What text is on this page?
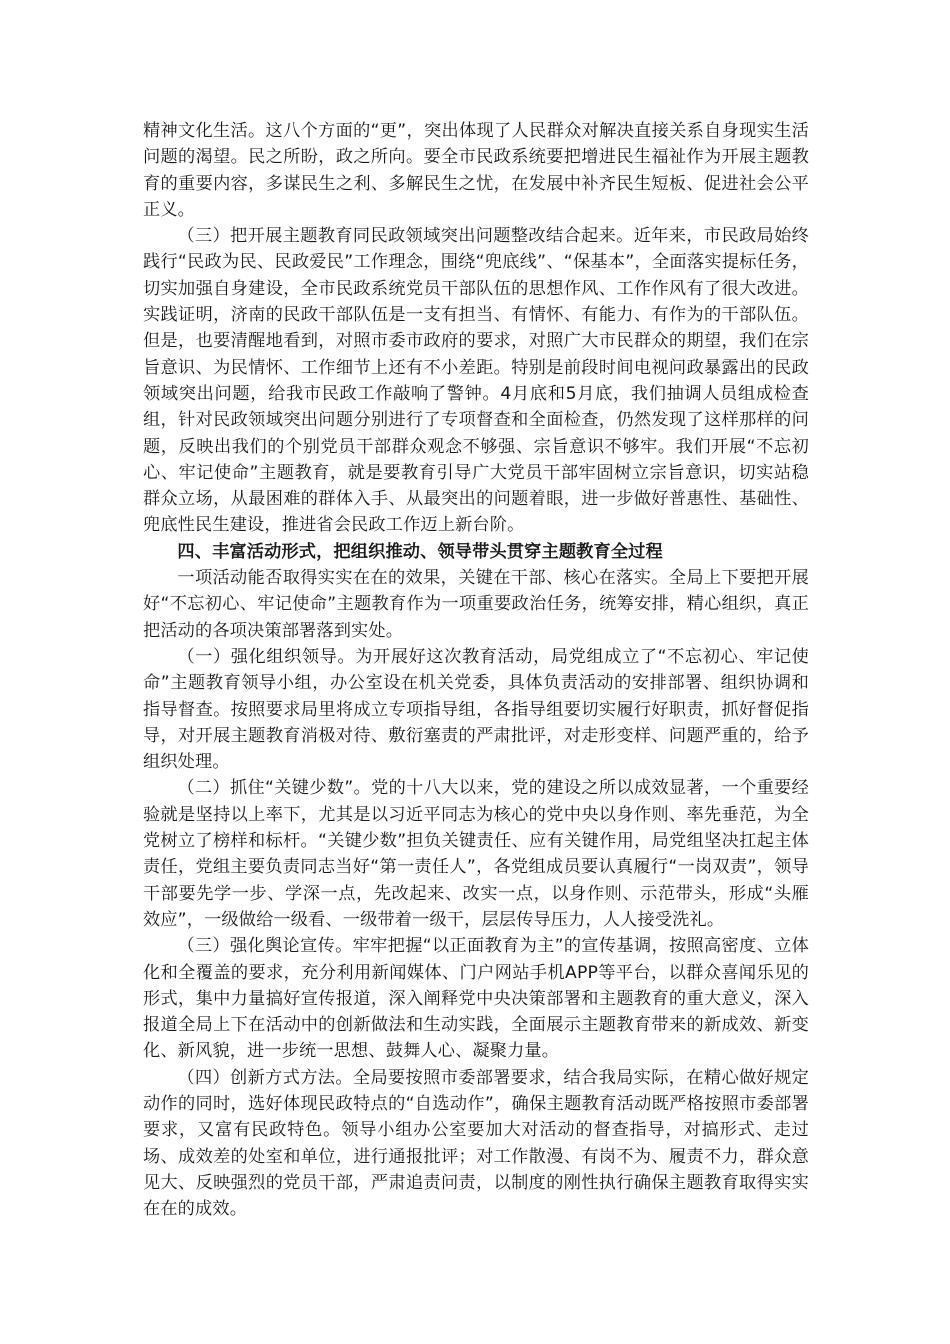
精神文化生活。这八个方面的“更”，突出体现了人民群众对解决直接关系自身现实生活问题的渴望。民之所盼，政之所向。要全市民政系统要把增进民生福祉作为开展主题教育的重要内容，多谋民生之利、多解民生之忧，在发展中补齐民生短板、促进社会公平正义。

（三）把开展主题教育同民政领域突出问题整改结合起来。近年来，市民政局始终践行“民政为民、民政爱民”工作理念，围绕“兜底线”、“保基本”，全面落实提标任务，切实加强自身建设，全市民政系统党员干部队伍的思想作风、工作作风有了很大改进。实践证明，济南的民政干部队伍是一支有担当、有情怀、有能力、有作为的干部队伍。但是，也要清醒地看到，对照市委市政府的要求，对照广大市民群众的期望，我们在宗旨意识、为民情怀、工作细节上还有不小差距。特别是前段时间电视问政暴露出的民政领域突出问题，给我市民政工作敲响了警钟。4月底和5月底，我们抽调人员组成检查组，针对民政领域突出问题分别进行了专项督查和全面检查，仍然发现了这样那样的问题，反映出我们的个别党员干部群众观念不够强、宗旨意识不够牢。我们开展“不忘初心、牢记使命”主题教育，就是要教育引导广大党员干部牢固树立宗旨意识，切实站稳群众立场，从最困难的群体入手、从最突出的问题着眼，进一步做好普惠性、基础性、兜底性民生建设，推进省会民政工作迈上新台阶。

四、丰富活动形式，把组织推动、领导带头贯穿主题教育全过程

一项活动能否取得实实在在的效果，关键在干部、核心在落实。全局上下要把开展好“不忘初心、牢记使命”主题教育作为一项重要政治任务，统筹安排，精心组织，真正把活动的各项决策部署落到实处。

（一）强化组织领导。为开展好这次教育活动，局党组成立了“不忘初心、牢记使命”主题教育领导小组，办公室设在机关党委，具体负责活动的安排部署、组织协调和指导督查。按照要求局里将成立专项指导组，各指导组要切实履行好职责，抓好督促指导，对开展主题教育消极对待、敷衍塞责的严肃批评，对走形变样、问题严重的，给予组织处理。

（二）抓住“关键少数”。党的十八大以来，党的建设之所以成效显著，一个重要经验就是坚持以上率下，尤其是以习近平同志为核心的党中央以身作则、率先垂范，为全党树立了榜样和标杆。“关键少数”担负关键责任、应有关键作用，局党组坚决扛起主体责任，党组主要负责同志当好“第一责任人”，各党组成员要认真履行“一岗双责”，领导干部要先学一步、学深一点，先改起来、改实一点，以身作则、示范带头，形成“头雁效应”，一级做给一级看、一级带着一级干，层层传导压力，人人接受洗礼。

（三）强化舆论宣传。牢牢把握“以正面教育为主”的宣传基调，按照高密度、立体化和全覆盖的要求，充分利用新闻媒体、门户网站手机APP等平台，以群众喜闻乐见的形式，集中力量搞好宣传报道，深入阐释党中央决策部署和主题教育的重大意义，深入报道全局上下在活动中的创新做法和生动实践，全面展示主题教育带来的新成效、新变化、新风貌，进一步统一思想、鼓舞人心、凝聚力量。

（四）创新方式方法。全局要按照市委部署要求，结合我局实际，在精心做好规定动作的同时，选好体现民政特点的“自选动作”，确保主题教育活动既严格按照市委部署要求，又富有民政特色。领导小组办公室要加大对活动的督查指导，对搞形式、走过场、成效差的处室和单位，进行通报批评；对工作散漫、有岗不为、履责不力，群众意见大、反映强烈的党员干部，严肃追责问责，以制度的刚性执行确保主题教育取得实实在在的成效。
